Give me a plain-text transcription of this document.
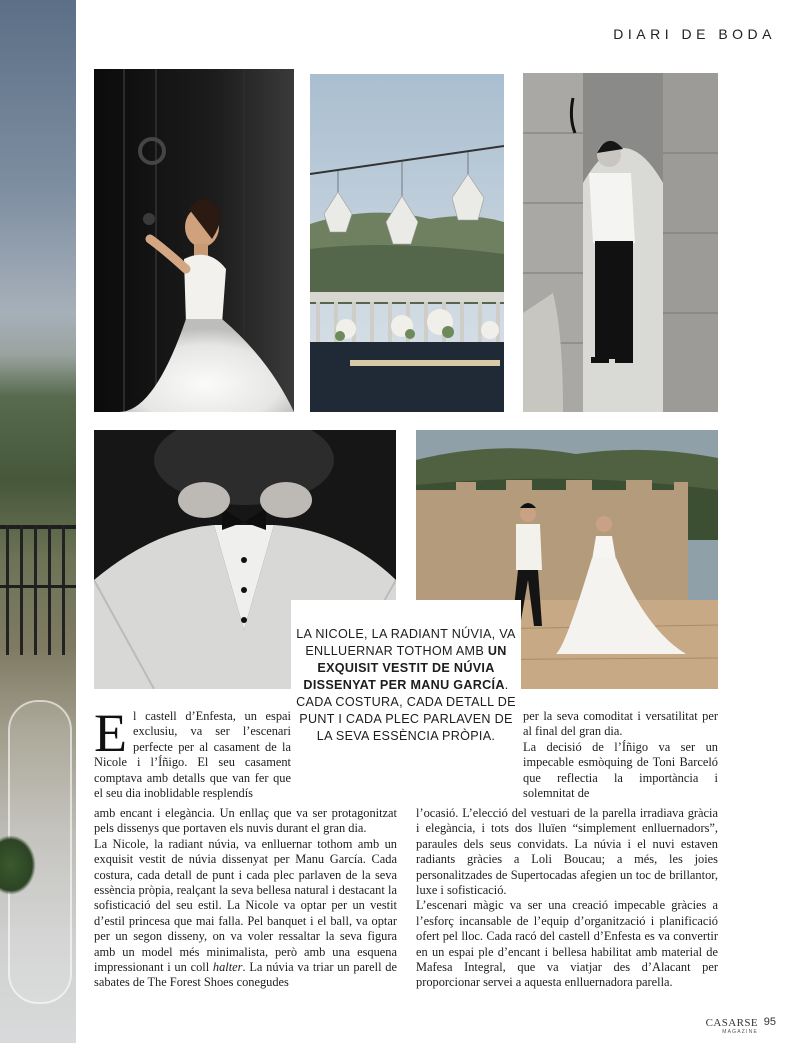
DIARI DE BODA
LA NICOLE, LA RADIANT NÚVIA, VA ENLLUERNAR TOTHOM AMB UN EXQUISIT VESTIT DE NÚVIA DISSENYAT PER MANU GARCÍA. CADA COSTURA, CADA DETALL DE PUNT I CADA PLEC PARLAVEN DE LA SEVA ESSÈNCIA PRÒPIA.

El castell d’Enfesta, un espai exclusiu, va ser l’escenari perfecte per al casament de la Nicole i l’Íñigo. El seu casament comptava amb detalls que van fer que el seu dia inoblidable resplendís

amb encant i elegància. Un enllaç que va ser protagonitzat pels dissenys que portaven els nuvis durant el gran dia.

La Nicole, la radiant núvia, va enlluernar tothom amb un exquisit vestit de núvia dissenyat per Manu García. Cada costura, cada detall de punt i cada plec parlaven de la seva essència pròpia, realçant la seva bellesa natural i destacant la sofisticació del seu estil. La Nicole va optar per un vestit d’estil princesa que mai falla. Pel banquet i el ball, va optar per un segon disseny, on va voler ressaltar la seva figura amb un model més minimalista, però amb una esquena impressionant i un coll halter. La núvia va triar un parell de sabates de The Forest Shoes conegudes

per la seva comoditat i versatilitat per al final del gran dia.

La decisió de l’Íñigo va ser un impecable esmòquing de Toni Barceló que reflectia la importància i solemnitat de

l’ocasió. L’elecció del vestuari de la parella irradiava gràcia i elegància, i tots dos lluïen “simplement enlluernadors”, paraules dels seus convidats. La núvia i el nuvi estaven radiants gràcies a Loli Boucau; a més, les joies personalitzades de Supertocadas afegien un toc de brillantor, luxe i sofisticació.

L’escenari màgic va ser una creació impecable gràcies a l’esforç incansable de l’equip d’organització i planificació ofert pel lloc. Cada racó del castell d’Enfesta es va convertir en un espai ple d’encant i bellesa habilitat amb material de Mafesa Integral, que va viatjar des d’Alacant per proporcionar servei a aquesta enlluernadora parella.

CASARSE
MAGAZINE
95
